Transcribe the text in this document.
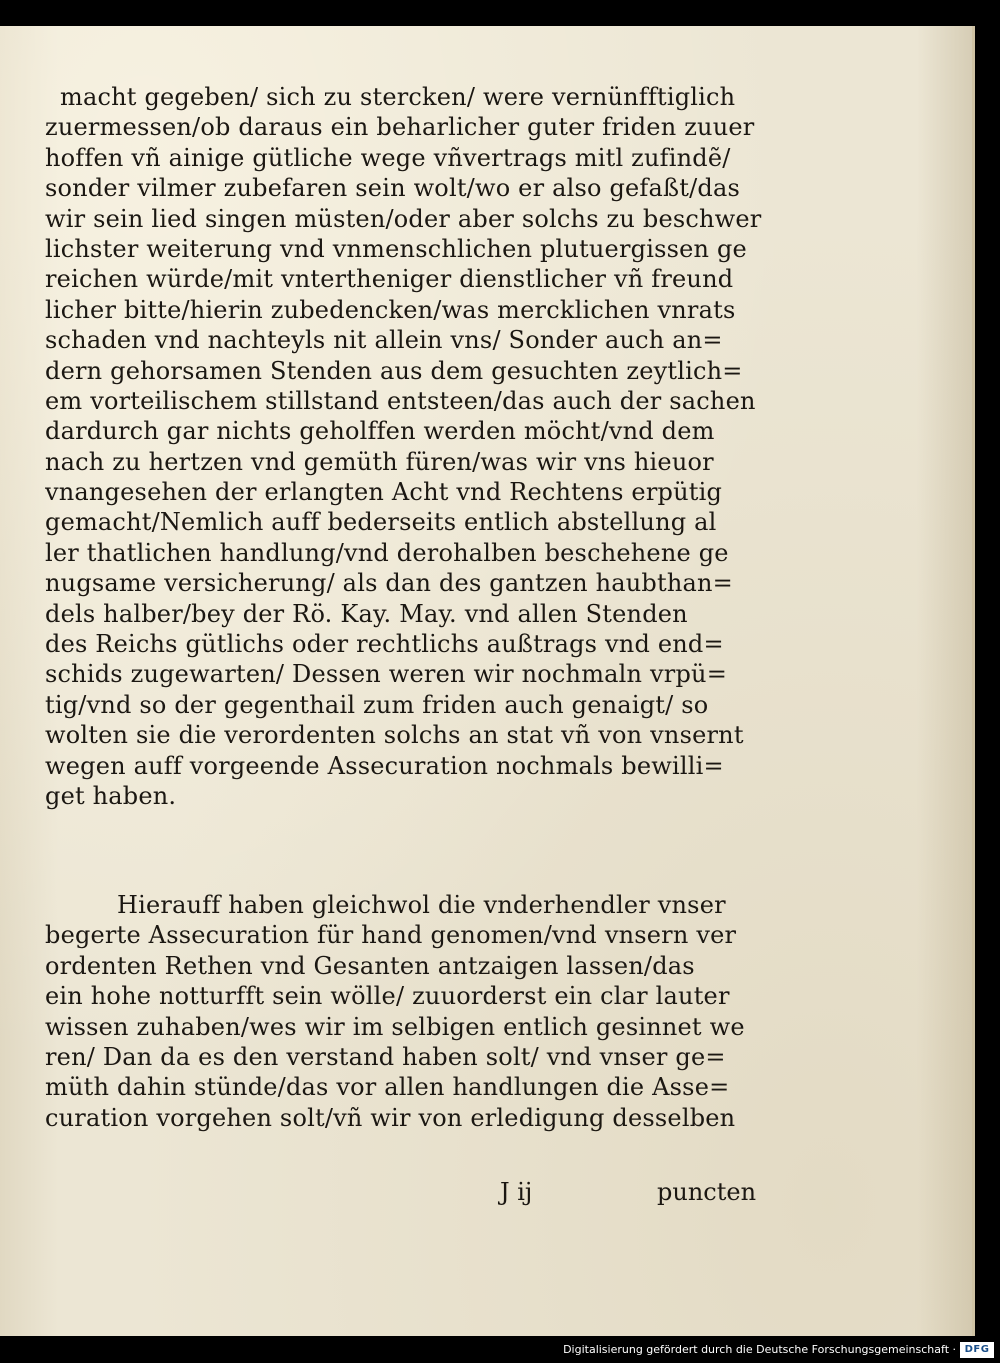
macht gegeben/ sich zu stercken/ were vernünfftiglich
zuermessen/ob daraus ein beharlicher guter friden zuuer
hoffen vñ ainige gütliche wege vñvertrags mitl zufindẽ/
sonder vilmer zubefaren sein wolt/wo er also gefaßt/das
wir sein lied singen müsten/oder aber solchs zu beschwer
lichster weiterung vnd vnmenschlichen plutuergissen ge
reichen würde/mit vntertheniger dienstlicher vñ freund
licher bitte/hierin zubedencken/was mercklichen vnrats
schaden vnd nachteyls nit allein vns/ Sonder auch an=
dern gehorsamen Stenden aus dem gesuchten zeytlich=
em vorteilischem stillstand entsteen/das auch der sachen
dardurch gar nichts geholffen werden möcht/vnd dem
nach zu hertzen vnd gemüth füren/was wir vns hieuor
vnangesehen der erlangten Acht vnd Rechtens erpütig
gemacht/Nemlich auff bederseits entlich abstellung al
ler thatlichen handlung/vnd derohalben beschehene ge
nugsame versicherung/ als dan des gantzen haubthan=
dels halber/bey der Rö. Kay. May. vnd allen Stenden
des Reichs gütlichs oder rechtlichs außtrags vnd end=
schids zugewarten/ Dessen weren wir nochmaln vrpü=
tig/vnd so der gegenthail zum friden auch genaigt/ so
wolten sie die verordenten solchs an stat vñ von vnsernt
wegen auff vorgeende Assecuration nochmals bewilli=
get haben.
Hierauff haben gleichwol die vnderhendler vnser
begerte Assecuration für hand genomen/vnd vnsern ver
ordenten Rethen vnd Gesanten antzaigen lassen/das
ein hohe notturfft sein wölle/ zuuorderst ein clar lauter
wissen zuhaben/wes wir im selbigen entlich gesinnet we
ren/ Dan da es den verstand haben solt/ vnd vnser ge=
müth dahin stünde/das vor allen handlungen die Asse=
curation vorgehen solt/vñ wir von erledigung desselben
J ij	puncten
Digitalisierung gefördert durch die Deutsche Forschungsgemeinschaft · DFG
